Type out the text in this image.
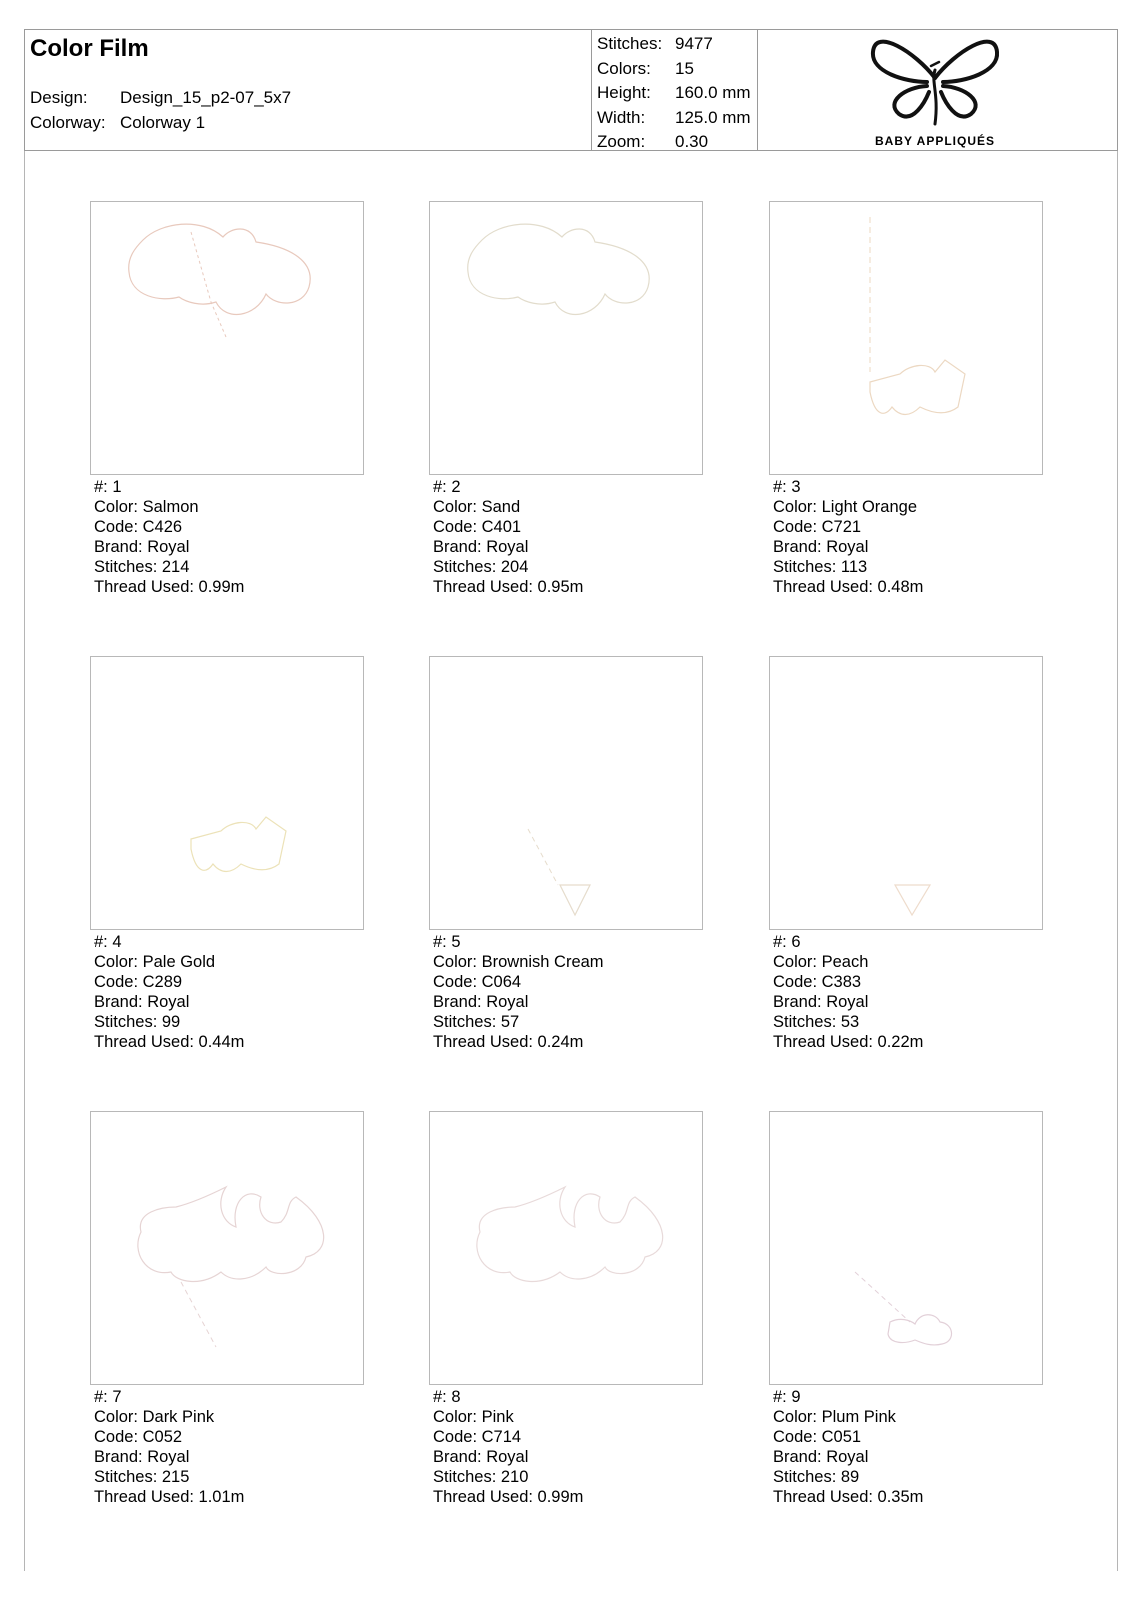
Color Film
Design: Design_15_p2-07_5x7
Colorway: Colorway 1
Stitches: 9477
Colors: 15
Height: 160.0 mm
Width: 125.0 mm
Zoom: 0.30	BABY APPLIQUÉS
#: 1
Color: Salmon
Code: C426
Brand: Royal
Stitches: 214
Thread Used: 0.99m
#: 2
Color: Sand
Code: C401
Brand: Royal
Stitches: 204
Thread Used: 0.95m
#: 3
Color: Light Orange
Code: C721
Brand: Royal
Stitches: 113
Thread Used: 0.48m
#: 4
Color: Pale Gold
Code: C289
Brand: Royal
Stitches: 99
Thread Used: 0.44m
#: 5
Color: Brownish Cream
Code: C064
Brand: Royal
Stitches: 57
Thread Used: 0.24m
#: 6
Color: Peach
Code: C383
Brand: Royal
Stitches: 53
Thread Used: 0.22m
#: 7
Color: Dark Pink
Code: C052
Brand: Royal
Stitches: 215
Thread Used: 1.01m
#: 8
Color: Pink
Code: C714
Brand: Royal
Stitches: 210
Thread Used: 0.99m
#: 9
Color: Plum Pink
Code: C051
Brand: Royal
Stitches: 89
Thread Used: 0.35m
